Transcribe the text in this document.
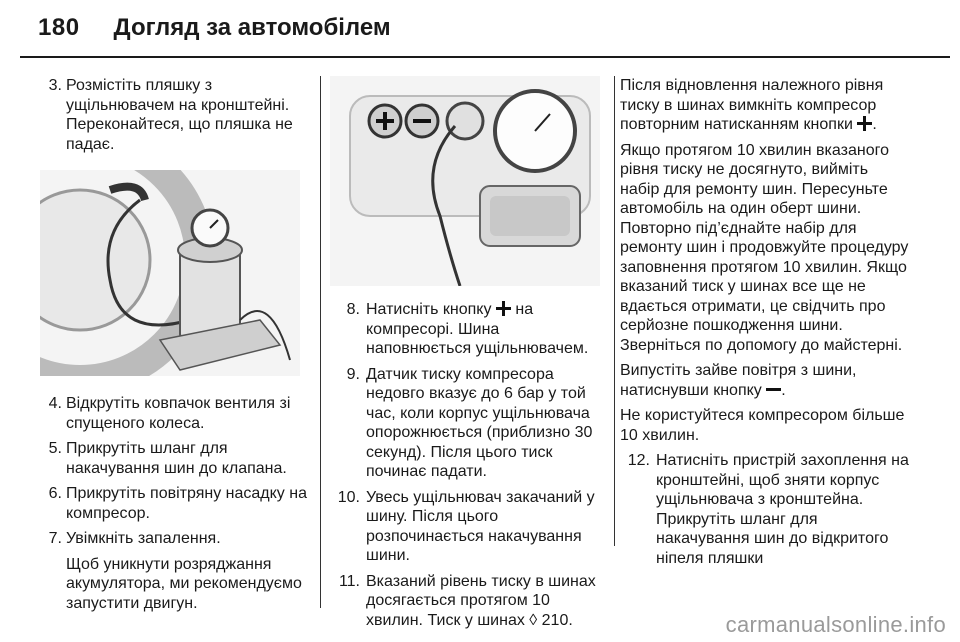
180 Догляд за автомобілем
3. Розмістіть пляшку з ущільнювачем на кронштейні. Переконайтеся, що пляшка не падає.
4. Відкрутіть ковпачок вентиля зі спущеного колеса.
5. Прикрутіть шланг для накачування шин до клапана.
6. Прикрутіть повітряну насадку на компресор.
7. Увімкніть запалення.
Щоб уникнути розряджання акумулятора, ми рекомендуємо запустити двигун.
8. Натисніть кнопку на компресорі. Шина наповнюється ущільнювачем.
9. Датчик тиску компресора недовго вказує до 6 бар у той час, коли корпус ущільнювача опорожнюється (приблизно 30 секунд). Після цього тиск починає падати.
10. Увесь ущільнювач закачаний у шину. Після цього розпочинається накачування шини.
11. Вказаний рівень тиску в шинах досягається протягом 10 хвилин. Тиск у шинах ◊ 210.

Після відновлення належного рівня тиску в шинах вимкніть компресор повторним натисканням кнопки .

Якщо протягом 10 хвилин вказаного рівня тиску не досягнуто, вийміть набір для ремонту шин. Пересуньте автомобіль на один оберт шини. Повторно під’єднайте набір для ремонту шин і продовжуйте процедуру заповнення протягом 10 хвилин. Якщо вказаний тиск у шинах все ще не вдається отримати, це свідчить про серйозне пошкодження шини. Зверніться по допомогу до майстерні.

Випустіть зайве повітря з шини, натиснувши кнопку .

Не користуйтеся компресором більше 10 хвилин.

12. Натисніть пристрій захоплення на кронштейні, щоб зняти корпус ущільнювача з кронштейна. Прикрутіть шланг для накачування шин до відкритого ніпеля пляшки
carmanualsonline.info
